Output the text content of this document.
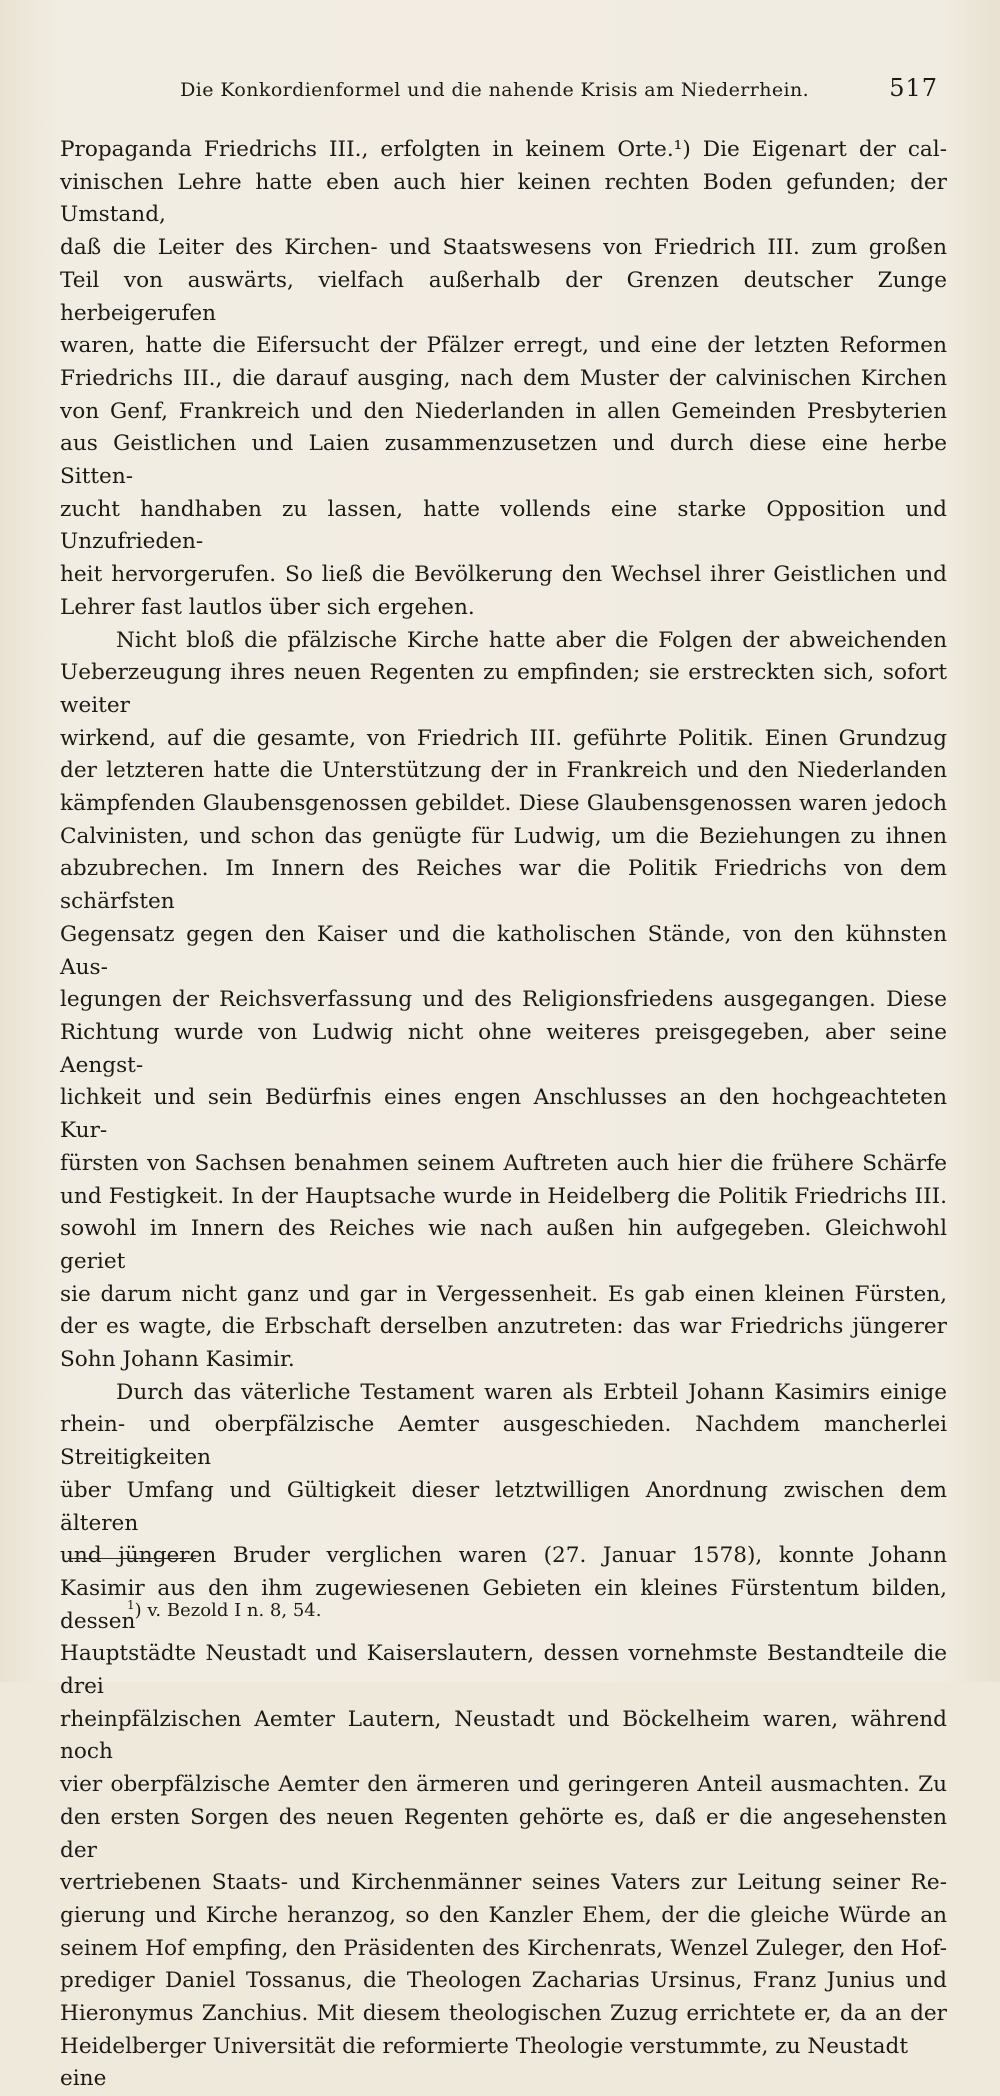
Die Konkordienformel und die nahende Krisis am Niederrhein.	517

Propaganda Friedrichs III., erfolgten in keinem Orte.¹) Die Eigenart der cal-
vinischen Lehre hatte eben auch hier keinen rechten Boden gefunden; der Umstand,
daß die Leiter des Kirchen- und Staatswesens von Friedrich III. zum großen
Teil von auswärts, vielfach außerhalb der Grenzen deutscher Zunge herbeigerufen
waren, hatte die Eifersucht der Pfälzer erregt, und eine der letzten Reformen
Friedrichs III., die darauf ausging, nach dem Muster der calvinischen Kirchen
von Genf, Frankreich und den Niederlanden in allen Gemeinden Presbyterien
aus Geistlichen und Laien zusammenzusetzen und durch diese eine herbe Sitten-
zucht handhaben zu lassen, hatte vollends eine starke Opposition und Unzufrieden-
heit hervorgerufen. So ließ die Bevölkerung den Wechsel ihrer Geistlichen und
Lehrer fast lautlos über sich ergehen.

Nicht bloß die pfälzische Kirche hatte aber die Folgen der abweichenden
Ueberzeugung ihres neuen Regenten zu empfinden; sie erstreckten sich, sofort weiter
wirkend, auf die gesamte, von Friedrich III. geführte Politik. Einen Grundzug
der letzteren hatte die Unterstützung der in Frankreich und den Niederlanden
kämpfenden Glaubensgenossen gebildet. Diese Glaubensgenossen waren jedoch
Calvinisten, und schon das genügte für Ludwig, um die Beziehungen zu ihnen
abzubrechen. Im Innern des Reiches war die Politik Friedrichs von dem schärfsten
Gegensatz gegen den Kaiser und die katholischen Stände, von den kühnsten Aus-
legungen der Reichsverfassung und des Religionsfriedens ausgegangen. Diese
Richtung wurde von Ludwig nicht ohne weiteres preisgegeben, aber seine Aengst-
lichkeit und sein Bedürfnis eines engen Anschlusses an den hochgeachteten Kur-
fürsten von Sachsen benahmen seinem Auftreten auch hier die frühere Schärfe
und Festigkeit. In der Hauptsache wurde in Heidelberg die Politik Friedrichs III.
sowohl im Innern des Reiches wie nach außen hin aufgegeben. Gleichwohl geriet
sie darum nicht ganz und gar in Vergessenheit. Es gab einen kleinen Fürsten,
der es wagte, die Erbschaft derselben anzutreten: das war Friedrichs jüngerer
Sohn Johann Kasimir.

Durch das väterliche Testament waren als Erbteil Johann Kasimirs einige
rhein- und oberpfälzische Aemter ausgeschieden. Nachdem mancherlei Streitigkeiten
über Umfang und Gültigkeit dieser letztwilligen Anordnung zwischen dem älteren
und jüngeren Bruder verglichen waren (27. Januar 1578), konnte Johann
Kasimir aus den ihm zugewiesenen Gebieten ein kleines Fürstentum bilden, dessen
Hauptstädte Neustadt und Kaiserslautern, dessen vornehmste Bestandteile die drei
rheinpfälzischen Aemter Lautern, Neustadt und Böckelheim waren, während noch
vier oberpfälzische Aemter den ärmeren und geringeren Anteil ausmachten. Zu
den ersten Sorgen des neuen Regenten gehörte es, daß er die angesehensten der
vertriebenen Staats- und Kirchenmänner seines Vaters zur Leitung seiner Re-
gierung und Kirche heranzog, so den Kanzler Ehem, der die gleiche Würde an
seinem Hof empfing, den Präsidenten des Kirchenrats, Wenzel Zuleger, den Hof-
prediger Daniel Tossanus, die Theologen Zacharias Ursinus, Franz Junius und
Hieronymus Zanchius. Mit diesem theologischen Zuzug errichtete er, da an der
Heidelberger Universität die reformierte Theologie verstummte, zu Neustadt eine

$^1$) v. Bezold I n. 8, 54.
